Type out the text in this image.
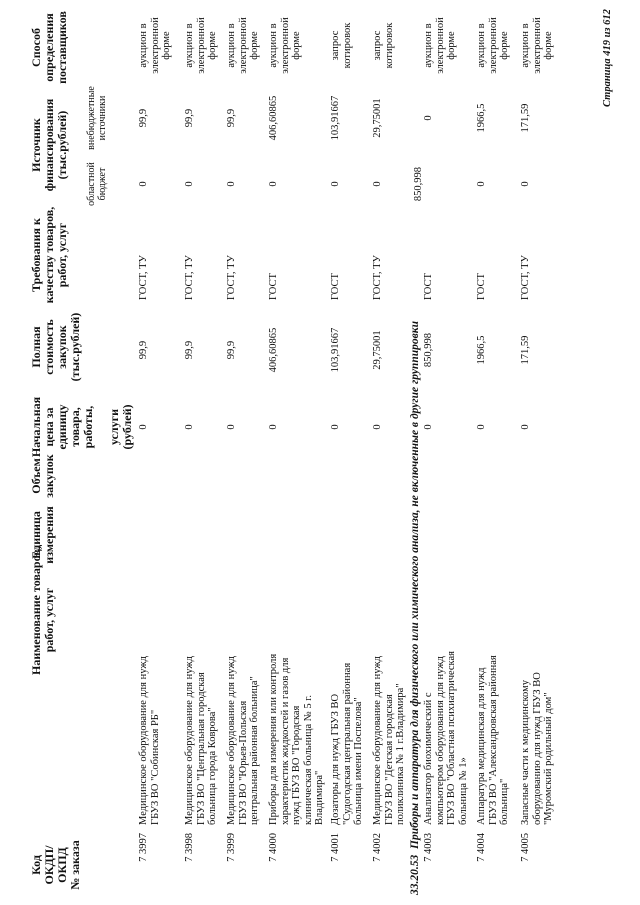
Код ОКДП/ ОКПД № заказа
Наименование товаров, работ, услуг
Единица измерения
Объем закупок
Начальная цена за единицу товара, работы,
услуги (рублей)
Полная стоимость закупок (тыс.рублей)
Требования к качеству товаров, работ, услуг
Источник финансирования (тыс.рублей)
областной бюджет
внебюджетные источники
Способ определения поставщиков
7 3997
Медицинское оборудование для нужд ГБУЗ ВО "Собинская РБ"
0
99,9
ГОСТ, ТУ
0
99,9
аукцион в электронной форме
7 3998
Медицинское оборудование для нужд ГБУЗ ВО "Центральная городская больница города Коврова"
0
99,9
ГОСТ, ТУ
0
99,9
аукцион в электронной форме
7 3999
Медицинское оборудование для нужд ГБУЗ ВО "Юрьев-Польская центральная районная больница"
0
99,9
ГОСТ, ТУ
0
99,9
аукцион в электронной форме
7 4000
Приборы для измерения или контроля характеристик жидкостей и газов для нужд ГБУЗ ВО "Городская клиническая больница № 5 г. Владимира"
0
406,60865
ГОСТ
0
406,60865
аукцион в электронной форме
7 4001
Дозаторы для нужд ГБУЗ ВО "Судогодская центральная районная больница имени Поспелова"
0
103,91667
ГОСТ
0
103,91667
запрос котировок
7 4002
Медицинское оборудование для нужд ГБУЗ ВО "Детская городская поликлиника № 1 г.Владимира"
0
29,75001
ГОСТ, ТУ
0
29,75001
запрос котировок
33.20.53  Приборы и аппаратура для физического или химического анализа, не включенные в другие группировки
7 4003
Анализатор биохимический с компьютером оборудования для нужд ГБУЗ ВО "Областная психиатрическая больница № 1»
0
850,998
ГОСТ
850,998
0
аукцион в электронной форме
7 4004
Аппаратура медицинская для нужд ГБУЗ ВО "Александровская районная больница"
0
1966,5
ГОСТ
0
1966,5
аукцион в электронной форме
7 4005
Запасные части к медицинскому оборудованию для нужд ГБУЗ ВО "Муромский родильный дом"
0
171,59
ГОСТ, ТУ
0
171,59
аукцион в электронной форме	Страница 419 из 612
